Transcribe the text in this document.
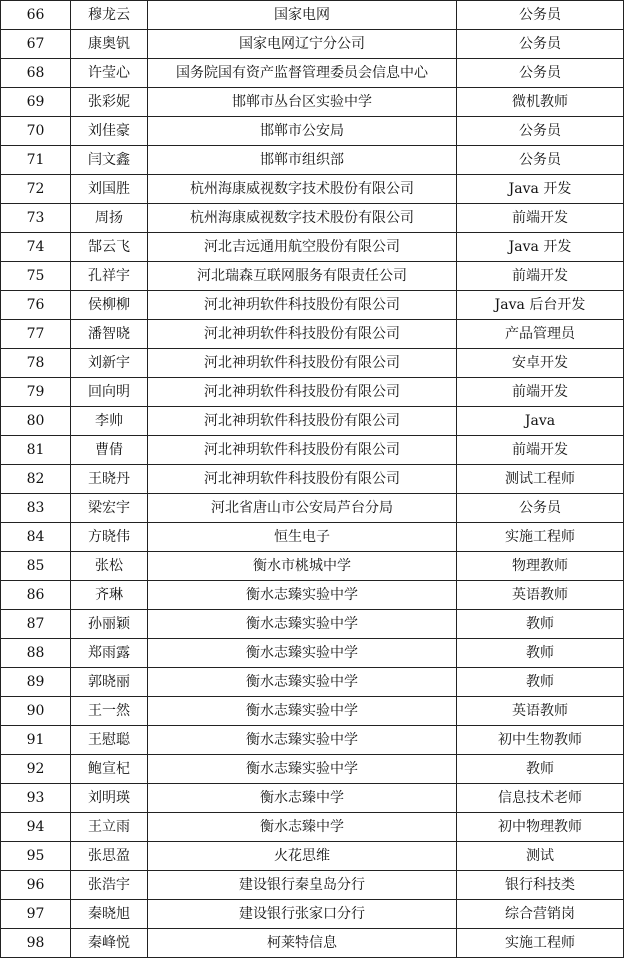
66	穆龙云	国家电网	公务员
67	康奥钒	国家电网辽宁分公司	公务员
68	许莹心	国务院国有资产监督管理委员会信息中心	公务员
69	张彩妮	邯郸市丛台区实验中学	微机教师
70	刘佳豪	邯郸市公安局	公务员
71	闫文鑫	邯郸市组织部	公务员
72	刘国胜	杭州海康威视数字技术股份有限公司	Java 开发
73	周扬	杭州海康威视数字技术股份有限公司	前端开发
74	郜云飞	河北吉远通用航空股份有限公司	Java 开发
75	孔祥宇	河北瑞森互联网服务有限责任公司	前端开发
76	侯柳柳	河北神玥软件科技股份有限公司	Java 后台开发
77	潘智晓	河北神玥软件科技股份有限公司	产品管理员
78	刘新宇	河北神玥软件科技股份有限公司	安卓开发
79	回向明	河北神玥软件科技股份有限公司	前端开发
80	李帅	河北神玥软件科技股份有限公司	Java
81	曹倩	河北神玥软件科技股份有限公司	前端开发
82	王晓丹	河北神玥软件科技股份有限公司	测试工程师
83	梁宏宇	河北省唐山市公安局芦台分局	公务员
84	方晓伟	恒生电子	实施工程师
85	张松	衡水市桃城中学	物理教师
86	齐琳	衡水志臻实验中学	英语教师
87	孙丽颖	衡水志臻实验中学	教师
88	郑雨露	衡水志臻实验中学	教师
89	郭晓丽	衡水志臻实验中学	教师
90	王一然	衡水志臻实验中学	英语教师
91	王慰聪	衡水志臻实验中学	初中生物教师
92	鲍宣杞	衡水志臻实验中学	教师
93	刘明瑛	衡水志臻中学	信息技术老师
94	王立雨	衡水志臻中学	初中物理教师
95	张思盈	火花思维	测试
96	张浩宇	建设银行秦皇岛分行	银行科技类
97	秦晓旭	建设银行张家口分行	综合营销岗
98	秦峰悦	柯莱特信息	实施工程师
